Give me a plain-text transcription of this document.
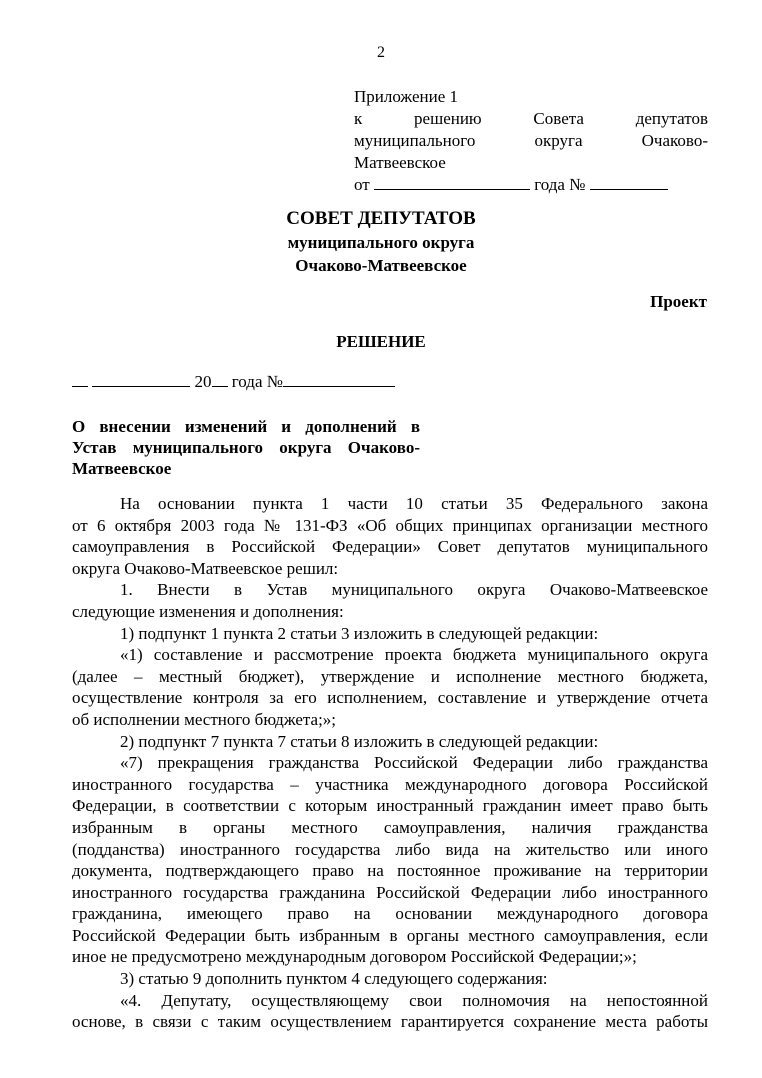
2
Приложение 1
к решению Совета депутатов
муниципального округа Очаково-
Матвеевское
от	года №
СОВЕТ ДЕПУТАТОВ
муниципального округа
Очаково-Матвеевское
Проект
РЕШЕНИЕ
20 года №
О внесении изменений и дополнений в
Устав муниципального округа Очаково-
Матвеевское
На основании пункта 1 части 10 статьи 35 Федерального закона
от 6 октября 2003 года № 131-ФЗ «Об общих принципах организации местного
самоуправления в Российской Федерации» Совет депутатов муниципального
округа Очаково-Матвеевское решил:
1. Внести в Устав муниципального округа Очаково-Матвеевское
следующие изменения и дополнения:
1) подпункт 1 пункта 2 статьи 3 изложить в следующей редакции:
«1) составление и рассмотрение проекта бюджета муниципального округа
(далее – местный бюджет), утверждение и исполнение местного бюджета,
осуществление контроля за его исполнением, составление и утверждение отчета
об исполнении местного бюджета;»;
2) подпункт 7 пункта 7 статьи 8 изложить в следующей редакции:
«7) прекращения гражданства Российской Федерации либо гражданства
иностранного государства – участника международного договора Российской
Федерации, в соответствии с которым иностранный гражданин имеет право быть
избранным в органы местного самоуправления, наличия гражданства
(подданства) иностранного государства либо вида на жительство или иного
документа, подтверждающего право на постоянное проживание на территории
иностранного государства гражданина Российской Федерации либо иностранного
гражданина, имеющего право на основании международного договора
Российской Федерации быть избранным в органы местного самоуправления, если
иное не предусмотрено международным договором Российской Федерации;»;
3) статью 9 дополнить пунктом 4 следующего содержания:
«4. Депутату, осуществляющему свои полномочия на непостоянной
основе, в связи с таким осуществлением гарантируется сохранение места работы
